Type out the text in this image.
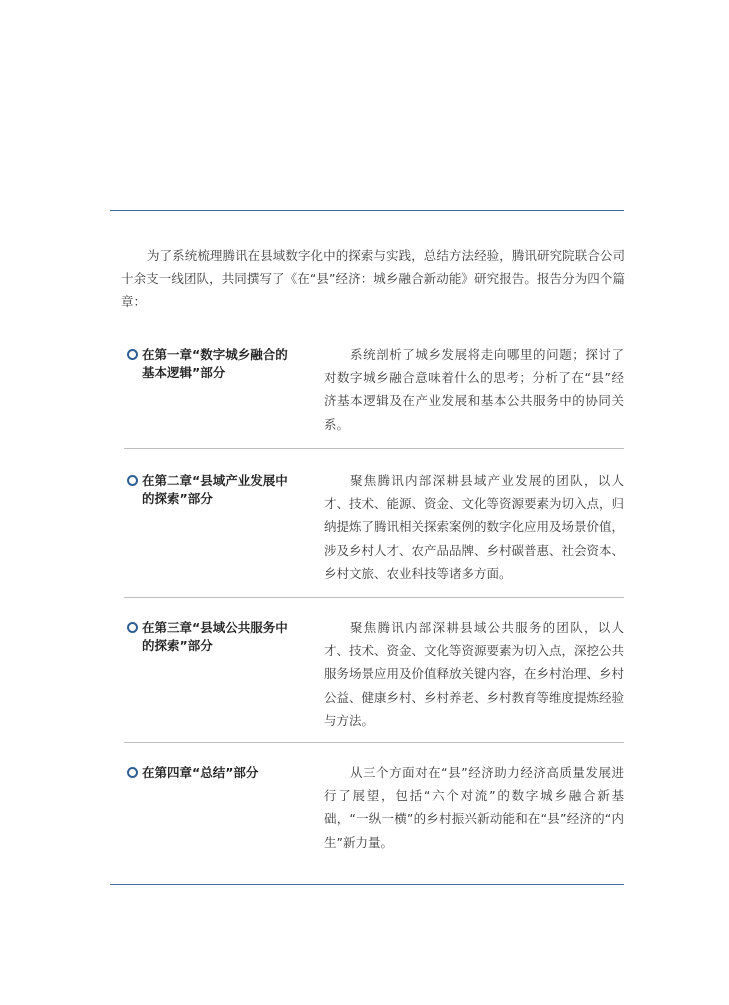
为了系统梳理腾讯在县域数字化中的探索与实践，总结方法经验，腾讯研究院联合公司十余支一线团队，共同撰写了《在“县”经济：城乡融合新动能》研究报告。报告分为四个篇章：

在第一章“数字城乡融合的基本逻辑”部分

系统剖析了城乡发展将走向哪里的问题；探讨了对数字城乡融合意味着什么的思考；分析了在“县”经济基本逻辑及在产业发展和基本公共服务中的协同关系。

在第二章“县域产业发展中的探索”部分

聚焦腾讯内部深耕县域产业发展的团队，以人才、技术、能源、资金、文化等资源要素为切入点，归纳提炼了腾讯相关探索案例的数字化应用及场景价值，涉及乡村人才、农产品品牌、乡村碳普惠、社会资本、乡村文旅、农业科技等诸多方面。

在第三章“县域公共服务中的探索”部分

聚焦腾讯内部深耕县域公共服务的团队，以人才、技术、资金、文化等资源要素为切入点，深挖公共服务场景应用及价值释放关键内容，在乡村治理、乡村公益、健康乡村、乡村养老、乡村教育等维度提炼经验与方法。

在第四章“总结”部分	从三个方面对在“县”经济助力经济高质量发展进行了展望，包括“六个对流”的数字城乡融合新基础，“一纵一横”的乡村振兴新动能和在“县”经济的“内生”新力量。
